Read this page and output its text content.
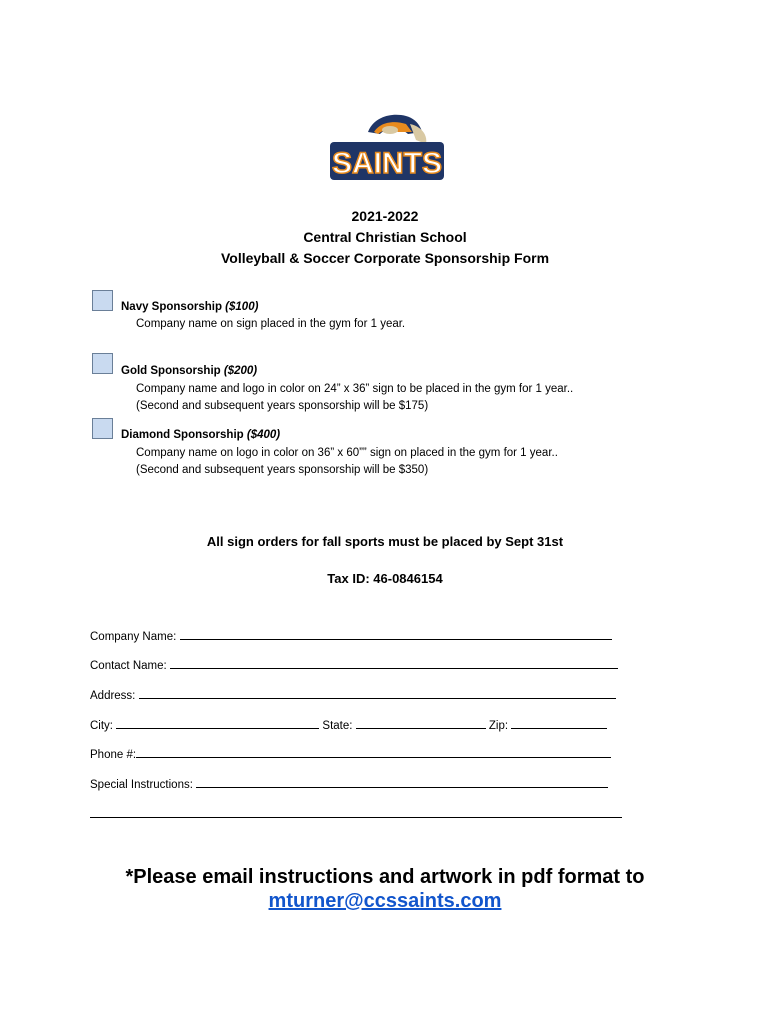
SAINTS
2021-2022
Central Christian School
Volleyball & Soccer Corporate Sponsorship Form
Navy Sponsorship ($100)
Company name on sign placed in the gym for 1 year.
Gold Sponsorship ($200)
Company name and logo in color on 24” x 36” sign to be placed in the gym for 1 year..
(Second and subsequent years sponsorship will be $175)
Diamond Sponsorship ($400)
Company name on logo in color on 36” x 60”” sign on placed in the gym for 1 year..
(Second and subsequent years sponsorship will be $350)
All sign orders for fall sports must be placed by Sept 31st
Tax ID: 46-0846154
Company Name:
Contact Name:
Address:
City:	State:	Zip:
Phone #:
Special Instructions:
*Please email instructions and artwork in pdf format to
mturner@ccssaints.com
